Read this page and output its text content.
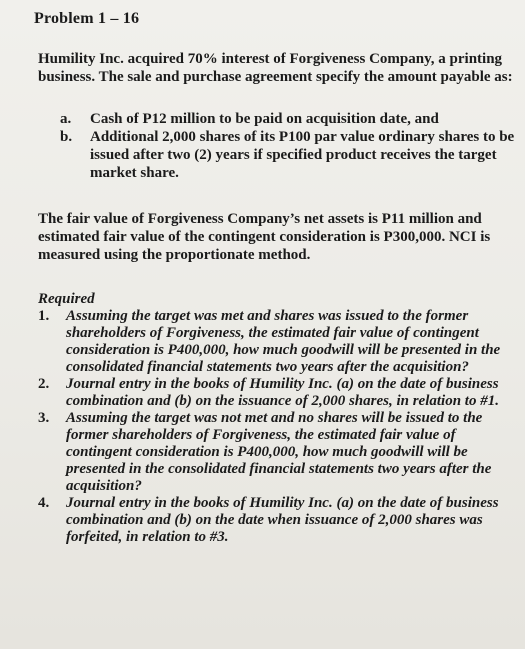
Problem 1 – 16

Humility Inc. acquired 70% interest of Forgiveness Company, a printing business. The sale and purchase agreement specify the amount payable as:

a.	Cash of P12 million to be paid on acquisition date, and
b.	Additional 2,000 shares of its P100 par value ordinary shares to be issued after two (2) years if specified product receives the target market share.

The fair value of Forgiveness Company’s net assets is P11 million and estimated fair value of the contingent consideration is P300,000. NCI is measured using the proportionate method.

Required
1.	Assuming the target was met and shares was issued to the former shareholders of Forgiveness, the estimated fair value of contingent consideration is P400,000, how much goodwill will be presented in the consolidated financial statements two years after the acquisition?
2.	Journal entry in the books of Humility Inc. (a) on the date of business combination and (b) on the issuance of 2,000 shares, in relation to #1.
3.	Assuming the target was not met and no shares will be issued to the former shareholders of Forgiveness, the estimated fair value of contingent consideration is P400,000, how much goodwill will be presented in the consolidated financial statements two years after the acquisition?
4.	Journal entry in the books of Humility Inc. (a) on the date of business combination and (b) on the date when issuance of 2,000 shares was forfeited, in relation to #3.
